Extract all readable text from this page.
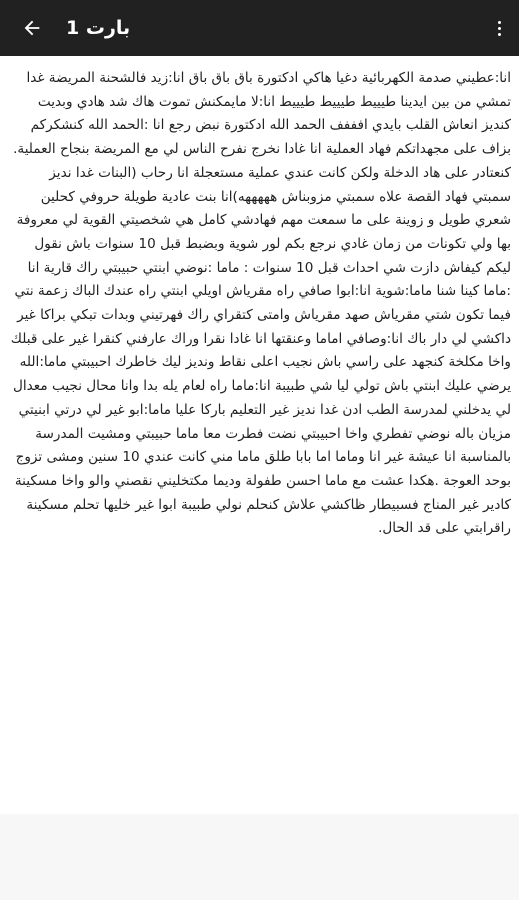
بارت 1

انا:عطيني صدمة الكهربائية دغيا هاكي ادكتورة باق باق باق انا:زيد فالشحنة المريضة غدا تمشي من بين ايدينا طيييط طيييط طيييط انا:لا مايمكنش تموت هاك شد هادي وبديت كنديز انعاش القلب بايدي افففف الحمد الله ادكتورة نبض رجع انا :الحمد الله كنشكركم بزاف على مجهداتكم فهاد العملية انا غادا نخرج نفرح الناس لي مع المريضة بنجاح العملية. كنعتادر على هاد الدخلة ولكن كانت عندي عملية مستعجلة انا رحاب (البنات غدا نديز سمبتي فهاد القصة علاه سمبتي مزوبناش هههههه)انا بنت عادية طويلة حروفي كحلين شعري طويل و زوينة على ما سمعت مهم فهادشي كامل هي شخصيتي القوية لي معروفة بها ولي تكونات من زمان غادي نرجع بكم لور شوية وبضبط قبل 10 سنوات باش نقول ليكم كيفاش دازت شي احداث قبل 10 سنوات : ماما :نوضي ابنتي حبيبتي راك قارية انا :ماما كينا شنا ماما:شوية انا:ابوا صافي راه مقرياش اويلي ابنتي راه عندك الباك زعمة نتي فيما تكون شتي مقرياش صهد مقرياش وامتى كتقراي راك فهرتيني وبدات تبكي براكا غير داكشي لي دار باك انا:وصافي اماما وعنقتها انا غادا نقرا وراك عارفني كنقرا غير على قبلك واخا مكلخة كنجهد على راسي باش نجيب اعلى نقاط ونديز ليك خاطرك احبيبتي ماما:الله يرضي عليك ابنتي باش تولي ليا شي طبيبة انا:ماما راه لعام يله بدا وانا محال نجيب معدال لي يدخلني لمدرسة الطب ادن غدا نديز غير التعليم باركا عليا ماما:ابو غير لي درتي ابنيتي مزيان باله نوضي تفطري واخا احبيبتي نضت فطرت معا ماما حبيبتي ومشيت المدرسة بالمناسبة انا عيشة غير انا وماما اما بابا طلق ماما مني كانت عندي 10 سنين ومشى تزوج بوحد العوجة .هكدا عشت مع ماما احسن طفولة وديما مكتخليني نقصني والو واخا مسكينة كادير غير المناج فسبيطار ظاكشي علاش كنحلم نولي طبيبة ابوا غير خليها تحلم مسكينة راقرابتي على قد الحال.
